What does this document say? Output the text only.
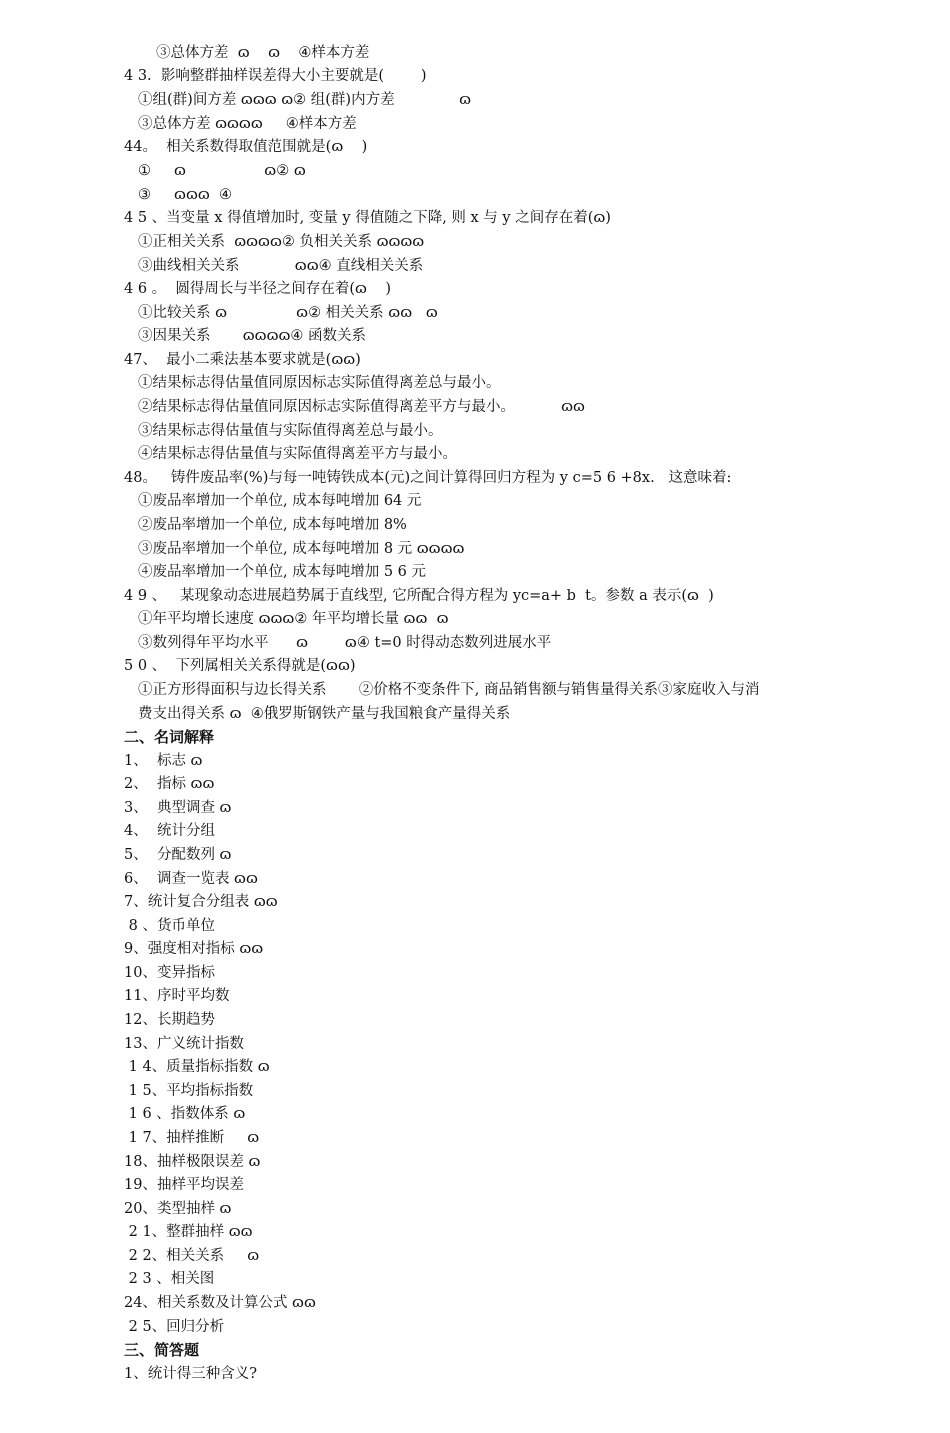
③总体方差  ɷ    ɷ    ④样本方差
4 3.  影响整群抽样误差得大小主要就是(        )
①组(群)间方差 ɷɷɷ ɷ② 组(群)内方差              ɷ
③总体方差 ɷɷɷɷ     ④样本方差
44。  相关系数得取值范围就是(ɷ    )
①     ɷ                 ɷ② ɷ
③     ɷɷɷ  ④
4 5 、当变量 x 得值增加时, 变量 y 得值随之下降, 则 x 与 y 之间存在着(ɷ)
①正相关关系  ɷɷɷɷ② 负相关关系 ɷɷɷɷ
③曲线相关关系            ɷɷ④ 直线相关关系
4 6 。  圆得周长与半径之间存在着(ɷ    )
①比较关系 ɷ               ɷ② 相关关系 ɷɷ   ɷ
③因果关系       ɷɷɷɷ④ 函数关系
47、  最小二乘法基本要求就是(ɷɷ)
①结果标志得估量值同原因标志实际值得离差总与最小。
②结果标志得估量值同原因标志实际值得离差平方与最小。          ɷɷ
③结果标志得估量值与实际值得离差总与最小。
④结果标志得估量值与实际值得离差平方与最小。
48。   铸件废品率(%)与每一吨铸铁成本(元)之间计算得回归方程为 y c=5 6 +8x.   这意味着:
①废品率增加一个单位, 成本每吨增加 64 元
②废品率增加一个单位, 成本每吨增加 8%
③废品率增加一个单位, 成本每吨增加 8 元 ɷɷɷɷ
④废品率增加一个单位, 成本每吨增加 5 6 元
4 9 、   某现象动态进展趋势属于直线型, 它所配合得方程为 yc=a+ b  t。参数 a 表示(ɷ  )
①年平均增长速度 ɷɷɷ② 年平均增长量 ɷɷ  ɷ
③数列得年平均水平      ɷ        ɷ④ t=0 时得动态数列进展水平
5 0 、  下列属相关关系得就是(ɷɷ)
①正方形得面积与边长得关系       ②价格不变条件下, 商品销售额与销售量得关系③家庭收入与消
费支出得关系 ɷ  ④俄罗斯钢铁产量与我国粮食产量得关系
二、名词解释
1、  标志 ɷ
2、  指标 ɷɷ
3、  典型调查 ɷ
4、  统计分组
5、  分配数列 ɷ
6、  调查一览表 ɷɷ
7、统计复合分组表 ɷɷ
8 、货币单位
9、强度相对指标 ɷɷ
10、变异指标
11、序时平均数
12、长期趋势
13、广义统计指数
1 4、质量指标指数 ɷ
1 5、平均指标指数
1 6 、指数体系 ɷ
1 7、抽样推断     ɷ
18、抽样极限误差 ɷ
19、抽样平均误差
20、类型抽样 ɷ
2 1、整群抽样 ɷɷ
2 2、相关关系     ɷ
2 3 、相关图
24、相关系数及计算公式 ɷɷ
2 5、回归分析
三、简答题
1、统计得三种含义?
